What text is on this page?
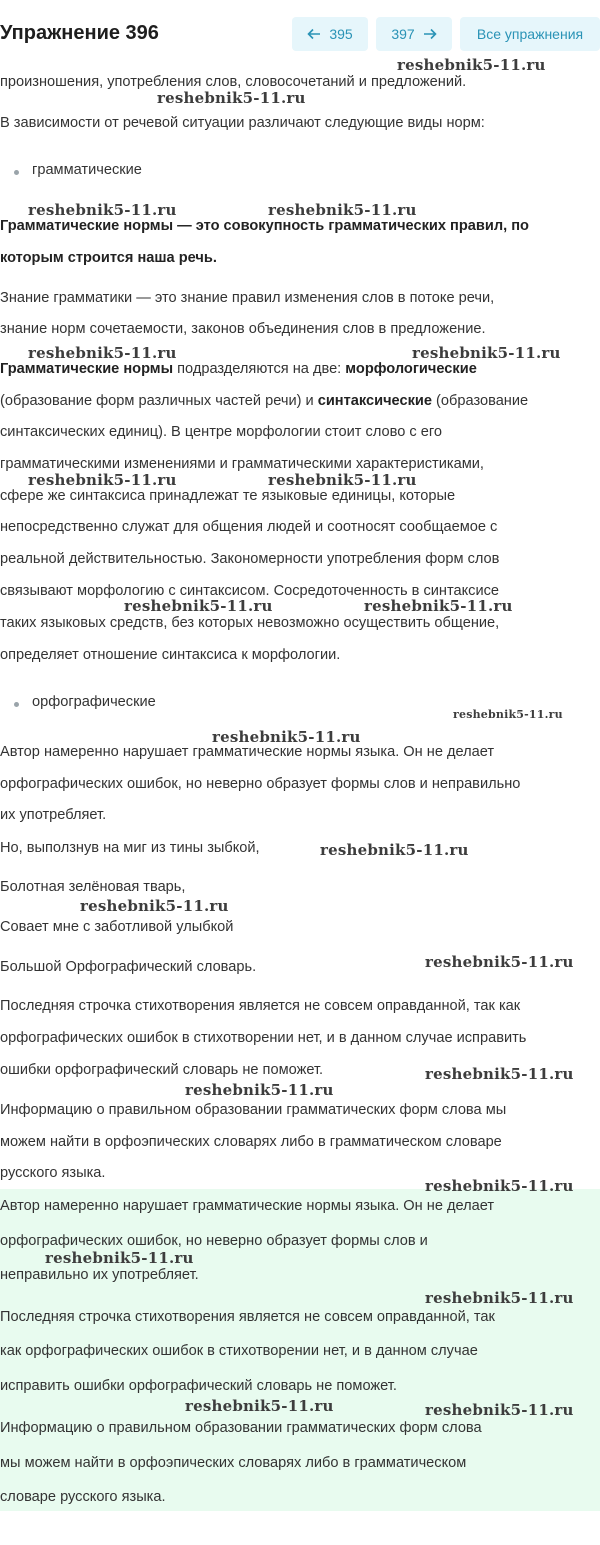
Упражнение 396	395	397	Все упражнения
произношения, употребления слов, словосочетаний и предложений.
В зависимости от речевой ситуации различают следующие виды норм:
грамматические
Грамматические нормы — это совокупность грамматических правил, по
которым строится наша речь.
Знание грамматики — это знание правил изменения слов в потоке речи,
знание норм сочетаемости, законов объединения слов в предложение.
Грамматические нормы подразделяются на две: морфологические
(образование форм различных частей речи) и синтаксические (образование
синтаксических единиц). В центре морфологии стоит слово с его
грамматическими изменениями и грамматическими характеристиками,
сфере же синтаксиса принадлежат те языковые единицы, которые
непосредственно служат для общения людей и соотносят сообщаемое с
реальной действительностью. Закономерности употребления форм слов
связывают морфологию с синтаксисом. Сосредоточенность в синтаксисе
таких языковых средств, без которых невозможно осуществить общение,
определяет отношение синтаксиса к морфологии.
орфографические
Автор намеренно нарушает грамматические нормы языка. Он не делает
орфографических ошибок, но неверно образует формы слов и неправильно
их употребляет.
Но, выползнув на миг из тины зыбкой,
Болотная зелёновая тварь,
Совает мне с заботливой улыбкой
Большой Орфографический словарь.
Последняя строчка стихотворения является не совсем оправданной, так как
орфографических ошибок в стихотворении нет, и в данном случае исправить
ошибки орфографический словарь не поможет.
Информацию о правильном образовании грамматических форм слова мы
можем найти в орфоэпических словарях либо в грамматическом словаре
русского языка.
Автор намеренно нарушает грамматические нормы языка. Он не делает
орфографических ошибок, но неверно образует формы слов и
неправильно их употребляет.
Последняя строчка стихотворения является не совсем оправданной, так
как орфографических ошибок в стихотворении нет, и в данном случае
исправить ошибки орфографический словарь не поможет.
Информацию о правильном образовании грамматических форм слова
мы можем найти в орфоэпических словарях либо в грамматическом
словаре русского языка.
reshebnik5-11.ru
reshebnik5-11.ru
reshebnik5-11.ru	reshebnik5-11.ru
reshebnik5-11.ru	reshebnik5-11.ru
reshebnik5-11.ru	reshebnik5-11.ru
reshebnik5-11.ru	reshebnik5-11.ru
reshebnik5-11.ru
reshebnik5-11.ru
reshebnik5-11.ru
reshebnik5-11.ru
reshebnik5-11.ru
reshebnik5-11.ru
reshebnik5-11.ru
reshebnik5-11.ru
reshebnik5-11.ru
reshebnik5-11.ru
reshebnik5-11.ru	reshebnik5-11.ru
